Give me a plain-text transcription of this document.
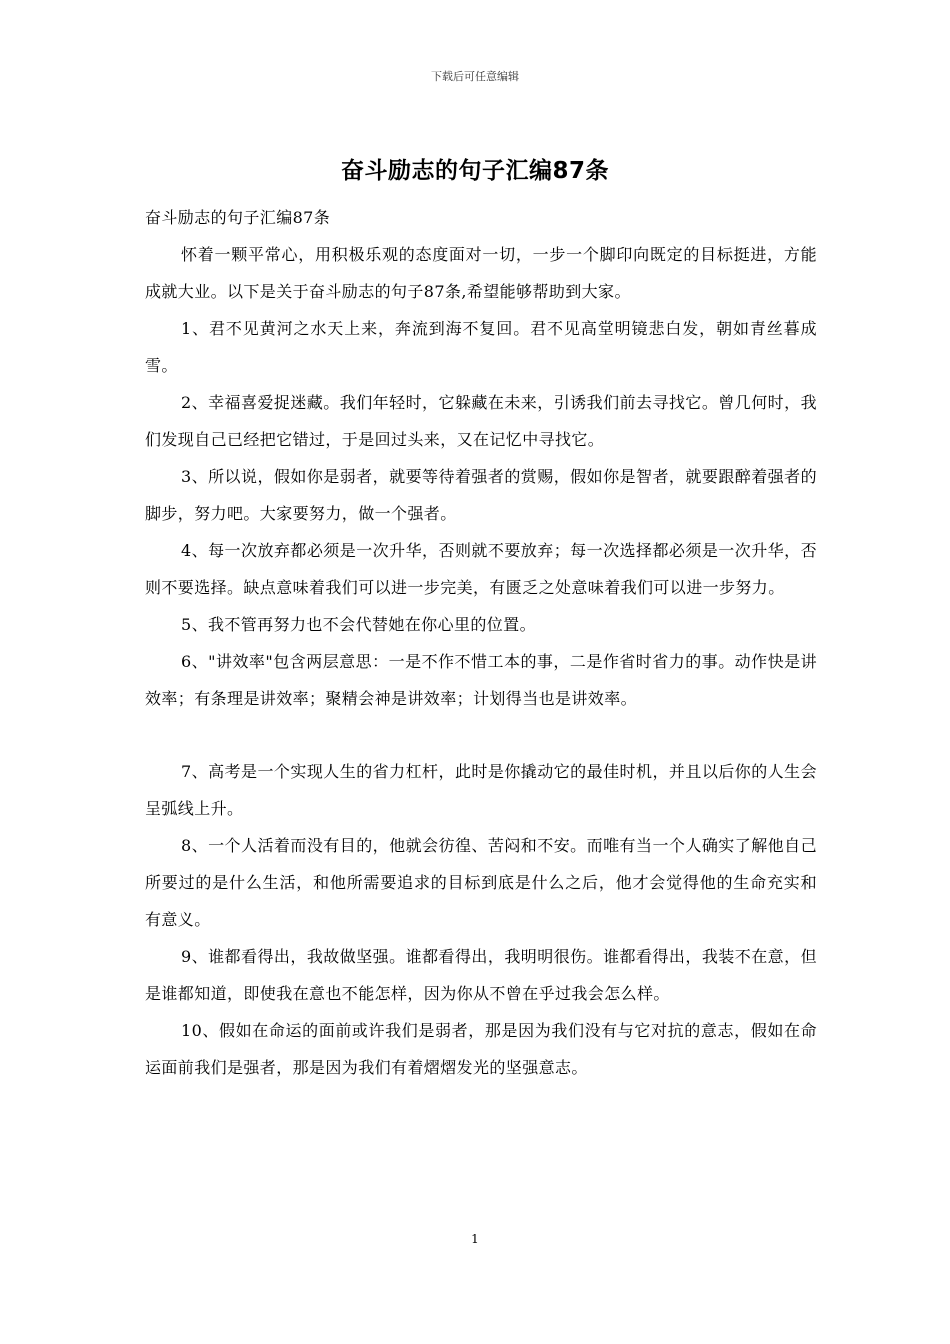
下载后可任意编辑
奋斗励志的句子汇编87条

奋斗励志的句子汇编87条

怀着一颗平常心，用积极乐观的态度面对一切，一步一个脚印向既定的目标挺进，方能成就大业。以下是关于奋斗励志的句子87条,希望能够帮助到大家。

1、君不见黄河之水天上来，奔流到海不复回。君不见高堂明镜悲白发，朝如青丝暮成雪。

2、幸福喜爱捉迷藏。我们年轻时，它躲藏在未来，引诱我们前去寻找它。曾几何时，我们发现自己已经把它错过，于是回过头来，又在记忆中寻找它。

3、所以说，假如你是弱者，就要等待着强者的赏赐，假如你是智者，就要跟醉着强者的脚步，努力吧。大家要努力，做一个强者。

4、每一次放弃都必须是一次升华，否则就不要放弃；每一次选择都必须是一次升华，否则不要选择。缺点意味着我们可以进一步完美，有匮乏之处意味着我们可以进一步努力。

5、我不管再努力也不会代替她在你心里的位置。

6、"讲效率"包含两层意思：一是不作不惜工本的事，二是作省时省力的事。动作快是讲效率；有条理是讲效率；聚精会神是讲效率；计划得当也是讲效率。

7、高考是一个实现人生的省力杠杆，此时是你撬动它的最佳时机，并且以后你的人生会呈弧线上升。

8、一个人活着而没有目的，他就会彷徨、苦闷和不安。而唯有当一个人确实了解他自己所要过的是什么生活，和他所需要追求的目标到底是什么之后，他才会觉得他的生命充实和有意义。

9、谁都看得出，我故做坚强。谁都看得出，我明明很伤。谁都看得出，我装不在意，但是谁都知道，即使我在意也不能怎样，因为你从不曾在乎过我会怎么样。

10、假如在命运的面前或许我们是弱者，那是因为我们没有与它对抗的意志，假如在命运面前我们是强者，那是因为我们有着熠熠发光的坚强意志。

1
